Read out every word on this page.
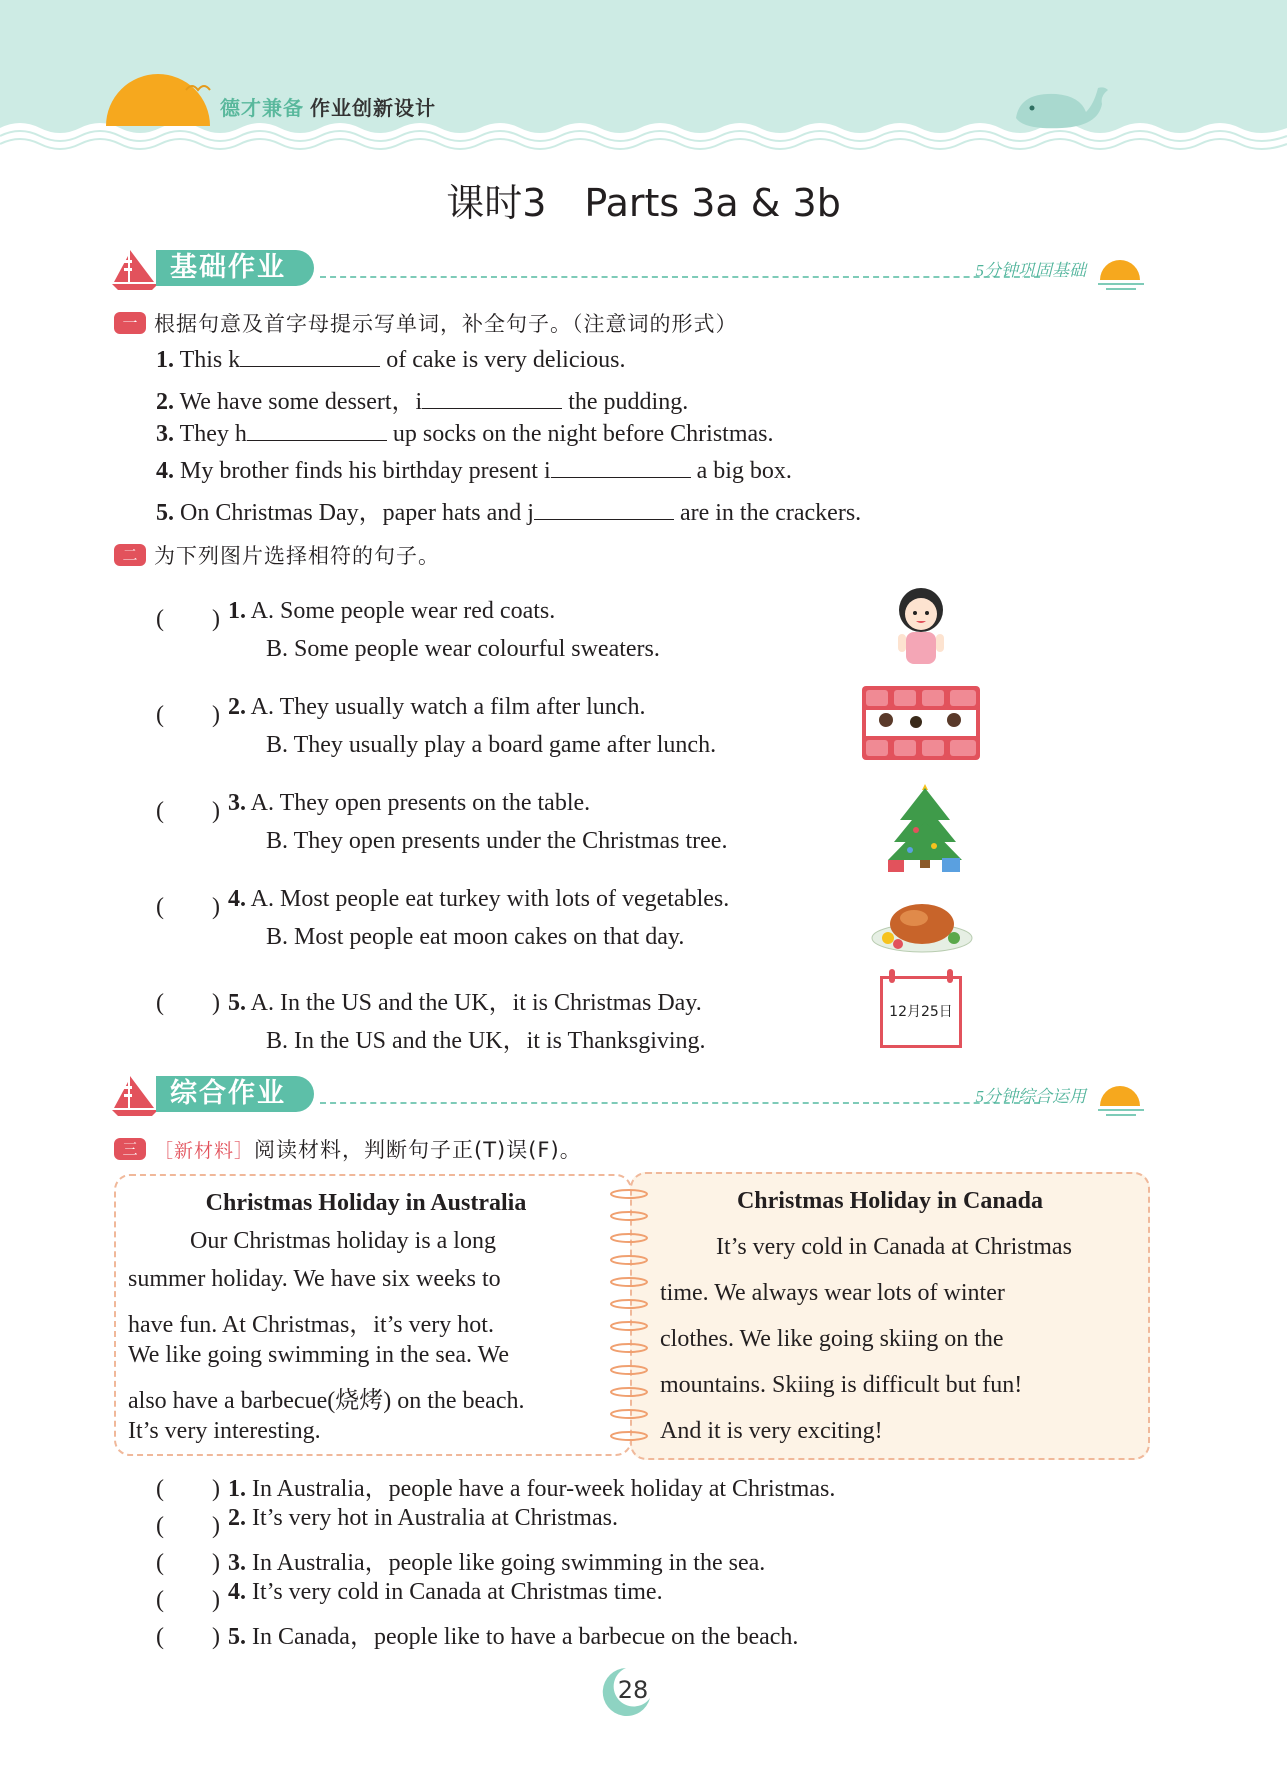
德才兼备 作业创新设计
课时3　Parts 3a & 3b
基础作业	5分钟巩固基础
一 根据句意及首字母提示写单词，补全句子。（注意词的形式）
1. This k	of cake is very delicious.
2. We have some dessert，i	the pudding.
3. They h	up socks on the night before Christmas.
4. My brother finds his birthday present i	a big box.
5. On Christmas Day，paper hats and j	are in the crackers.
二 为下列图片选择相符的句子。
(　　) 1. A. Some people wear red coats.
B. Some people wear colourful sweaters.
(　　) 2. A. They usually watch a film after lunch.
B. They usually play a board game after lunch.
(　　) 3. A. They open presents on the table.
B. They open presents under the Christmas tree.
(　　) 4. A. Most people eat turkey with lots of vegetables.
B. Most people eat moon cakes on that day.
(　　) 5. A. In the US and the UK，it is Christmas Day.
B. In the US and the UK，it is Thanksgiving.
12月25日
综合作业	5分钟综合运用
三 ［新材料］阅读材料，判断句子正(T)误(F)。
Christmas Holiday in Australia
Our Christmas holiday is a long
summer holiday. We have six weeks to
have fun. At Christmas，it’s very hot.
We like going swimming in the sea. We
also have a barbecue(烧烤) on the beach.
It’s very interesting.
Christmas Holiday in Canada
It’s very cold in Canada at Christmas
time. We always wear lots of winter
clothes. We like going skiing on the
mountains. Skiing is difficult but fun!
And it is very exciting!
(　　) 1. In Australia，people have a four-week holiday at Christmas.
(　　) 2. It’s very hot in Australia at Christmas.
(　　) 3. In Australia，people like going swimming in the sea.
(　　) 4. It’s very cold in Canada at Christmas time.
(　　) 5. In Canada，people like to have a barbecue on the beach.
28
